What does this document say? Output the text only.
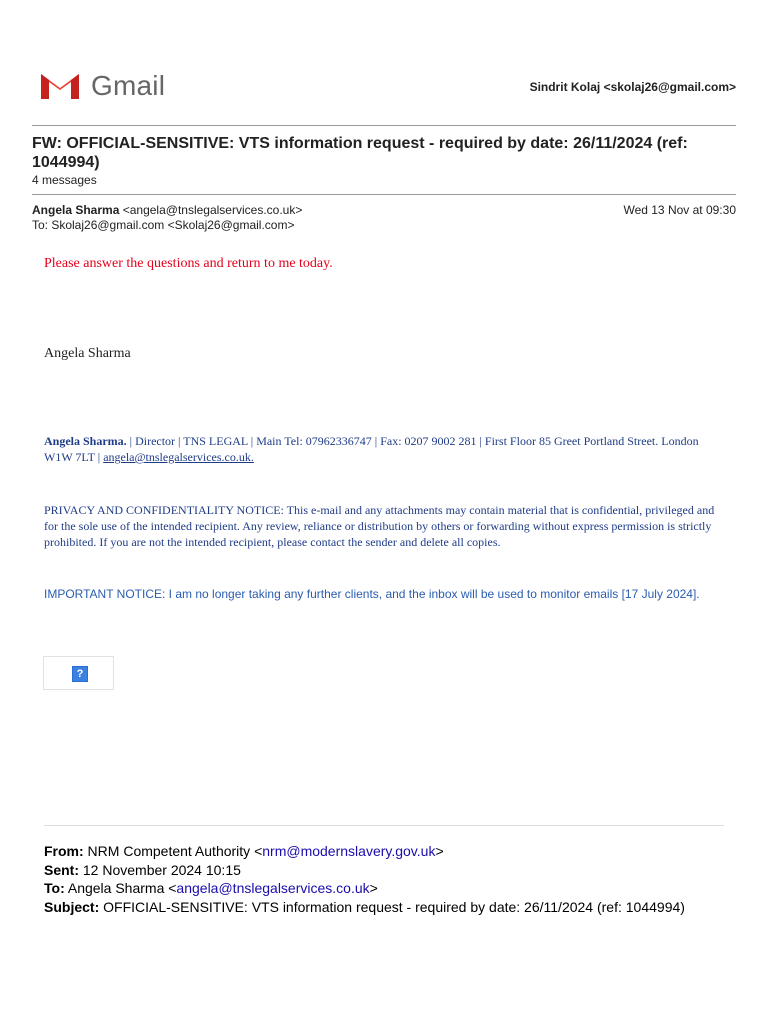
Gmail	Sindrit Kolaj <skolaj26@gmail.com>
FW: OFFICIAL-SENSITIVE: VTS information request - required by date: 26/11/2024 (ref: 1044994)
4 messages
Angela Sharma <angela@tnslegalservices.co.uk>	Wed 13 Nov at 09:30
To: Skolaj26@gmail.com <Skolaj26@gmail.com>
Please answer the questions and return to me today.
Angela Sharma
Angela Sharma. | Director | TNS LEGAL | Main Tel: 07962336747 | Fax: 0207 9002 281 | First Floor 85 Greet Portland Street. London W1W 7LT | angela@tnslegalservices.co.uk.
PRIVACY AND CONFIDENTIALITY NOTICE: This e-mail and any attachments may contain material that is confidential, privileged and for the sole use of the intended recipient. Any review, reliance or distribution by others or forwarding without express permission is strictly prohibited. If you are not the intended recipient, please contact the sender and delete all copies.
IMPORTANT NOTICE: I am no longer taking any further clients, and the inbox will be used to monitor emails [17 July 2024].
?
From: NRM Competent Authority <nrm@modernslavery.gov.uk>
Sent: 12 November 2024 10:15
To: Angela Sharma <angela@tnslegalservices.co.uk>
Subject: OFFICIAL-SENSITIVE: VTS information request - required by date: 26/11/2024 (ref: 1044994)
